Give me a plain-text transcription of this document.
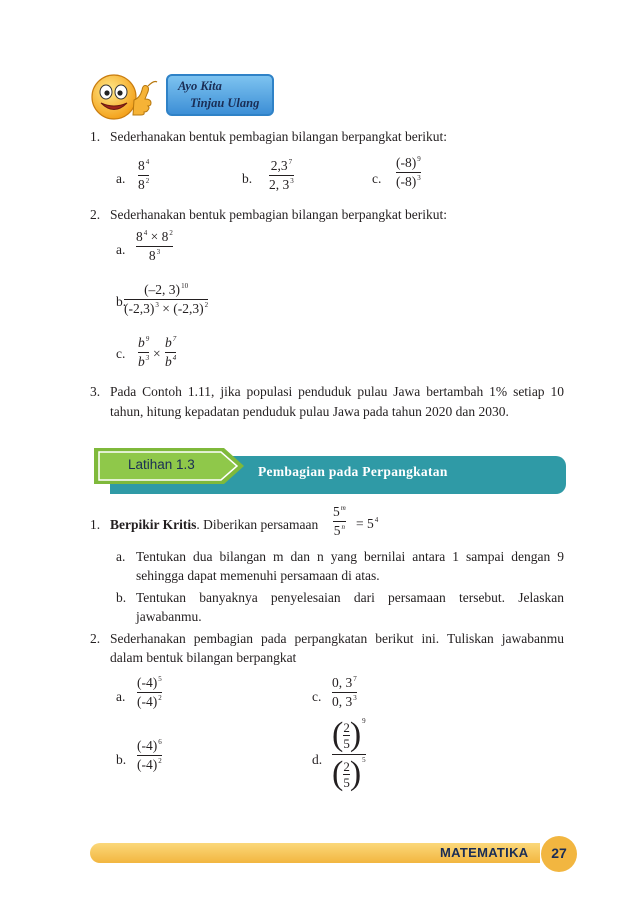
Ayo Kita
Tinjau Ulang
1. Sederhanakan bentuk pembagian bilangan berpangkat berikut:
a.
$8^4$
$8^2$	b.
$2,3^7$
2, $3^3$	c.
$(-8)^9$
$(-8)^3$
2. Sederhanakan bentuk pembagian bilangan berpangkat berikut:
a.
$8^4 \times 8^2$
$8^3$
b.
(–2, 3)$^{10}$
$(-2,3)^3 \times (-2,3)^2$
c.
$b^9$
$b^3$ ×
$b^7$
$b^4$
3. Pada Contoh 1.11, jika populasi penduduk pulau Jawa bertambah 1% setiap 10
tahun, hitung kepadatan penduduk pulau Jawa pada tahun 2020 dan 2030.
Latihan 1.3	Pembagian pada Perpangkatan
1. Berpikir Kritis. Diberikan persamaan
5$^m$
$5^n = 5^4$
a. Tentukan dua bilangan m dan n yang bernilai antara 1 sampai dengan 9
sehingga dapat memenuhi persamaan di atas.
b. Tentukan banyaknya penyelesaian dari persamaan tersebut. Jelaskan
jawabanmu.
2. Sederhanakan pembagian pada perpangkatan berikut ini. Tuliskan jawabanmu
dalam bentuk bilangan berpangkat
a.
$(-4)^5$
$(-4)^2$
b.
$(-4)^6$
$(-4)^2$
c.
0, $3^7$
0, $3^3$
d.
( 2
5 )$^9$
( 2
5 )$^5$
MATEMATIKA	27
